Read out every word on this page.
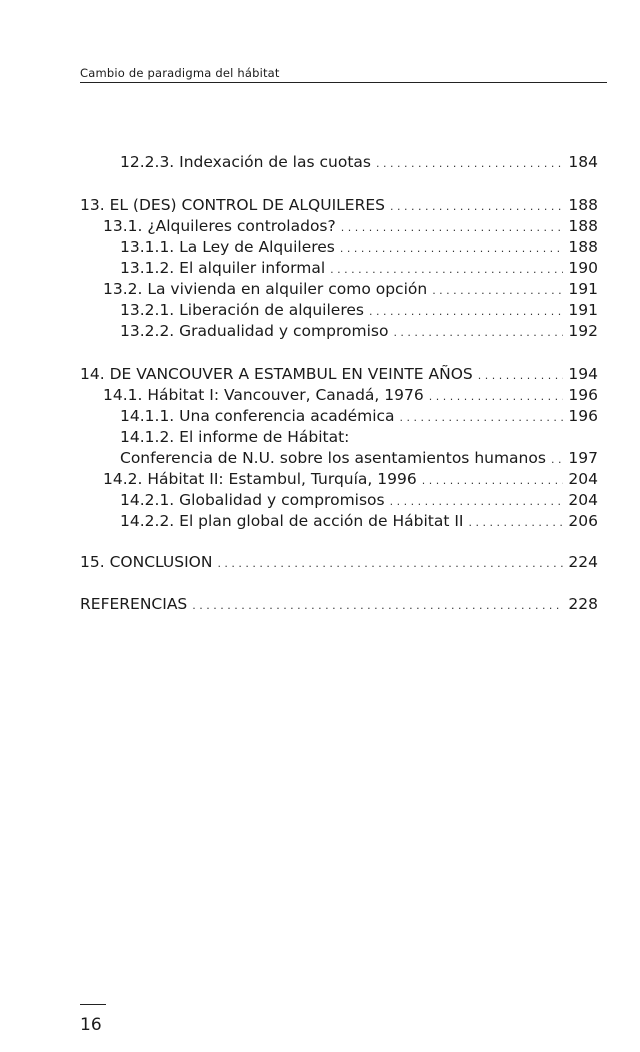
Cambio de paradigma del hábitat
12.2.3. Indexación de las cuotas . . .	184
13. EL (DES) CONTROL DE ALQUILERES . . .	188
13.1. ¿Alquileres controlados? . . .	188
13.1.1. La Ley de Alquileres . . .	188
13.1.2. El alquiler informal . . .	190
13.2. La vivienda en alquiler como opción . . .	191
13.2.1. Liberación de alquileres . . .	191
13.2.2. Gradualidad y compromiso . . .	192
14. DE VANCOUVER A ESTAMBUL EN VEINTE AÑOS . . .	194
14.1. Hábitat I: Vancouver, Canadá, 1976 . . .	196
14.1.1. Una conferencia académica . . .	196
14.1.2. El informe de Hábitat:
Conferencia de N.U. sobre los asentamientos humanos . . . 197
14.2. Hábitat II: Estambul, Turquía, 1996 . . .	204
14.2.1. Globalidad y compromisos . . .	204
14.2.2. El plan global de acción de Hábitat II . . .	206
15. CONCLUSION . . .	224
REFERENCIAS . . .	228
16
